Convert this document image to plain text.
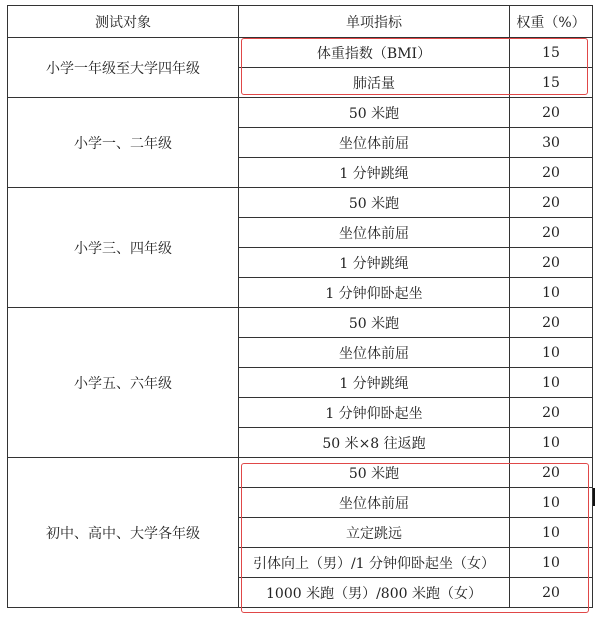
测试对象	单项指标	权重（%）
小学一年级至大学四年级	体重指数（BMI）	15
	肺活量	15
小学一、二年级	50 米跑	20
	坐位体前屈	30
	1 分钟跳绳	20
小学三、四年级	50 米跑	20
	坐位体前屈	20
	1 分钟跳绳	20
	1 分钟仰卧起坐	10
小学五、六年级	50 米跑	20
	坐位体前屈	10
	1 分钟跳绳	10
	1 分钟仰卧起坐	20
	50 米×8 往返跑	10
初中、高中、大学各年级	50 米跑	20
	坐位体前屈	10
	立定跳远	10
	引体向上（男）/1 分钟仰卧起坐（女）	10
	1000 米跑（男）/800 米跑（女）	20
